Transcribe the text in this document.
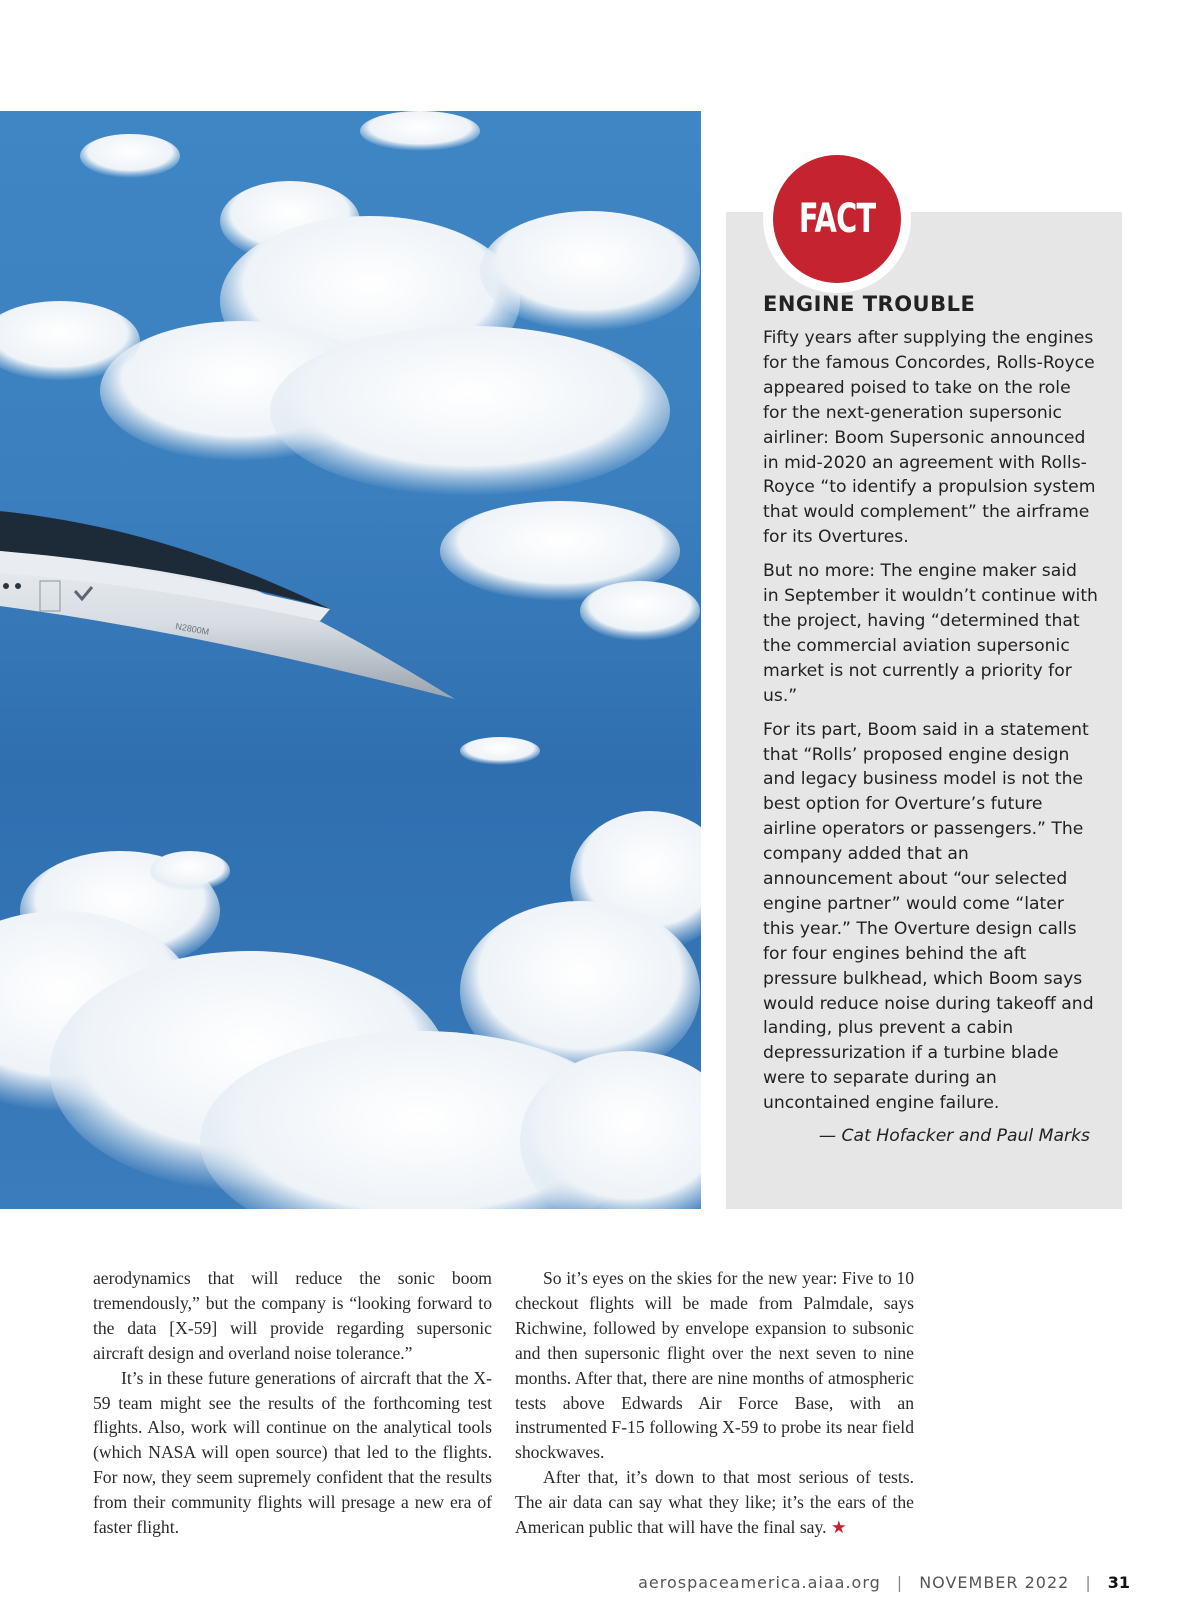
N2800M
FACT
ENGINE TROUBLE

Fifty years after supplying the engines for the famous Concordes, Rolls-Royce appeared poised to take on the role for the next-generation supersonic airliner: Boom Supersonic announced in mid-2020 an agreement with Rolls-Royce “to identify a propulsion system that would complement” the airframe for its Overtures.

But no more: The engine maker said in September it wouldn’t continue with the project, having “determined that the commercial aviation supersonic market is not currently a priority for us.”

For its part, Boom said in a statement that “Rolls’ proposed engine design and legacy business model is not the best option for Overture’s future airline operators or passengers.” The company added that an announcement about “our selected engine partner” would come “later this year.” The Overture design calls for four engines behind the aft pressure bulkhead, which Boom says would reduce noise during takeoff and landing, plus prevent a cabin depressurization if a turbine blade were to separate during an uncontained engine failure.

— Cat Hofacker and Paul Marks

aerodynamics that will reduce the sonic boom tremendously,” but the company is “looking forward to the data [X-59] will provide regarding supersonic aircraft design and overland noise tolerance.”

It’s in these future generations of aircraft that the X-59 team might see the results of the forthcoming test flights. Also, work will continue on the analytical tools (which NASA will open source) that led to the flights. For now, they seem supremely confident that the results from their community flights will presage a new era of faster flight.

So it’s eyes on the skies for the new year: Five to 10 checkout flights will be made from Palmdale, says Richwine, followed by envelope expansion to subsonic and then supersonic flight over the next seven to nine months. After that, there are nine months of atmospheric tests above Edwards Air Force Base, with an instrumented F-15 following X-59 to probe its near field shockwaves.

After that, it’s down to that most serious of tests. The air data can say what they like; it’s the ears of the American public that will have the final say. ★

aerospaceamerica.aiaa.org | NOVEMBER 2022 | 31
